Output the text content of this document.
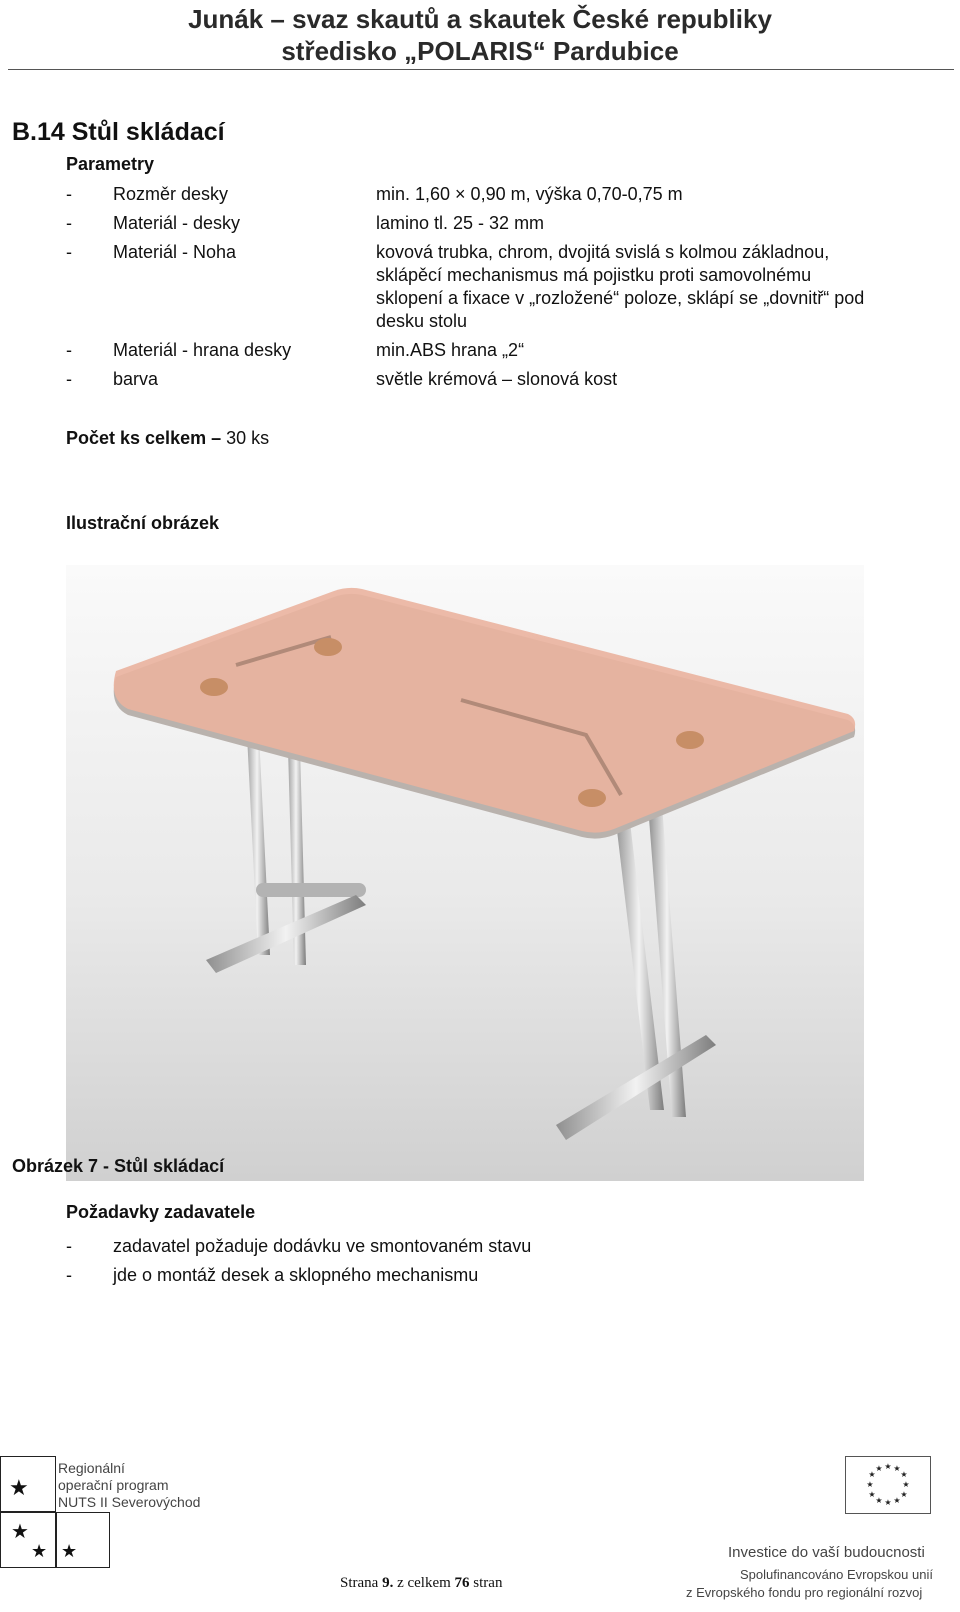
Junák – svaz skautů a skautek České republiky
středisko „POLARIS“ Pardubice
B.14 Stůl skládací
Parametry
- Rozměr desky	min. 1,60 × 0,90 m, výška 0,70-0,75 m
- Materiál - desky	lamino tl. 25 - 32 mm
- Materiál - Noha	kovová trubka, chrom, dvojitá svislá s kolmou základnou,
sklápěcí mechanismus má pojistku proti samovolnému
sklopení a fixace v „rozložené“ poloze, sklápí se „dovnitř“ pod
desku stolu
- Materiál - hrana desky	min.ABS hrana „2“
- barva	světle krémová – slonová kost
Počet ks celkem – 30 ks
Ilustrační obrázek
Obrázek 7 - Stůl skládací
Požadavky zadavatele
- zadavatel požaduje dodávku ve smontovaném stavu
- jde o montáž desek a sklopného mechanismu
★
★
★ ★
Regionální
operační program
NUTS II Severovýchod
Strana 9. z celkem 76 stran
★ ★
★
★
★
★
★
★
★
★
★
★
Investice do vaší budoucnosti
Spolufinancováno Evropskou unií
z Evropského fondu pro regionální rozvoj
